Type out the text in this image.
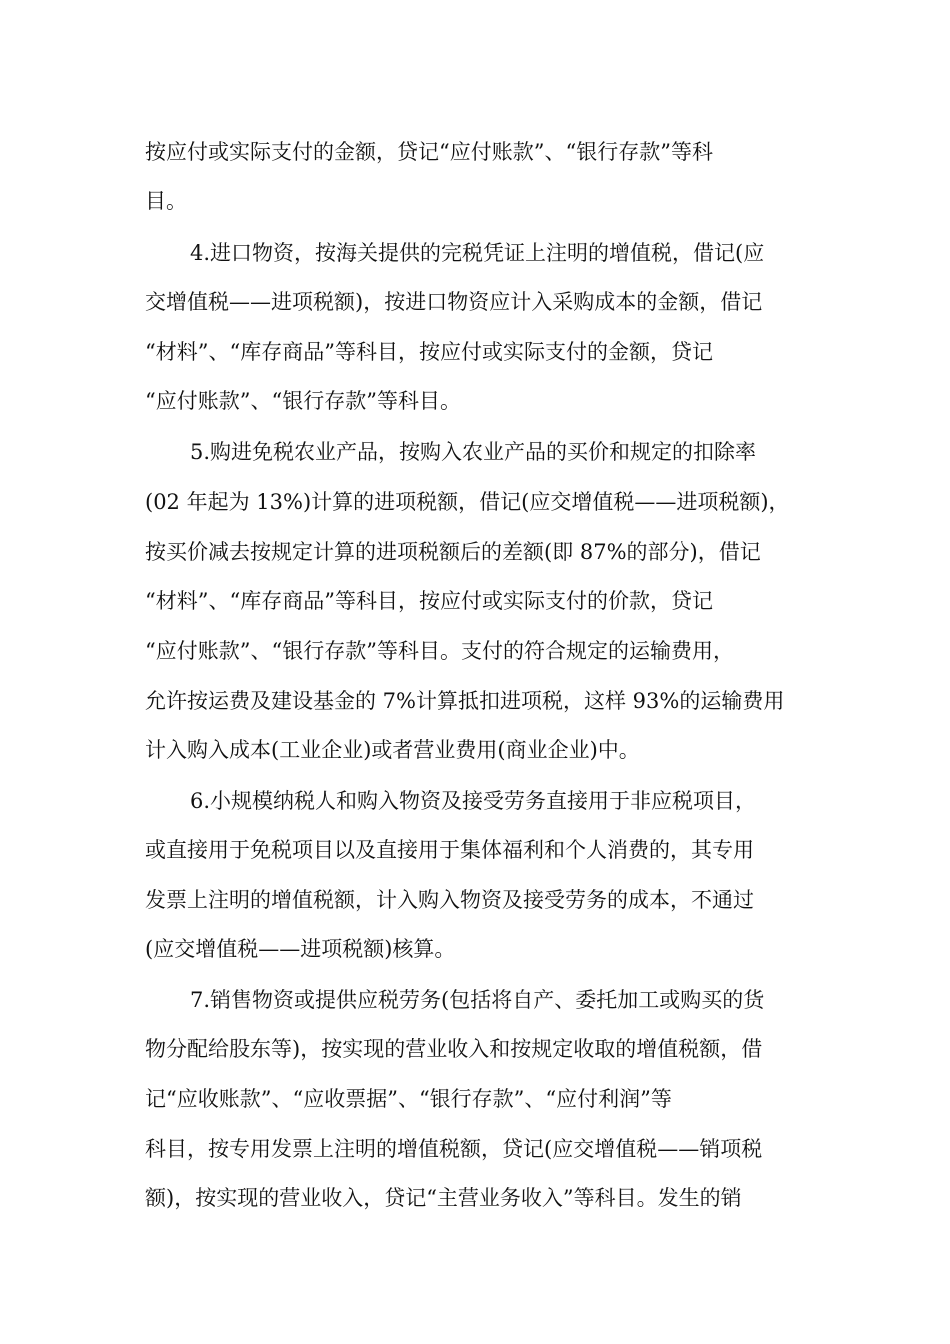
按应付或实际支付的金额，贷记“应付账款”、“银行存款”等科
目。
4.进口物资，按海关提供的完税凭证上注明的增值税，借记(应
交增值税——进项税额)，按进口物资应计入采购成本的金额，借记
“材料”、“库存商品”等科目，按应付或实际支付的金额，贷记
“应付账款”、“银行存款”等科目。
5.购进免税农业产品，按购入农业产品的买价和规定的扣除率
(02 年起为 13%)计算的进项税额，借记(应交增值税——进项税额)，
按买价减去按规定计算的进项税额后的差额(即 87%的部分)，借记
“材料”、“库存商品”等科目，按应付或实际支付的价款，贷记
“应付账款”、“银行存款”等科目。支付的符合规定的运输费用，
允许按运费及建设基金的 7%计算抵扣进项税，这样 93%的运输费用
计入购入成本(工业企业)或者营业费用(商业企业)中。
6.小规模纳税人和购入物资及接受劳务直接用于非应税项目，
或直接用于免税项目以及直接用于集体福利和个人消费的，其专用
发票上注明的增值税额，计入购入物资及接受劳务的成本，不通过
(应交增值税——进项税额)核算。
7.销售物资或提供应税劳务(包括将自产、委托加工或购买的货
物分配给股东等)，按实现的营业收入和按规定收取的增值税额，借
记“应收账款”、“应收票据”、“银行存款”、“应付利润”等
科目，按专用发票上注明的增值税额，贷记(应交增值税——销项税
额)，按实现的营业收入，贷记“主营业务收入”等科目。发生的销
